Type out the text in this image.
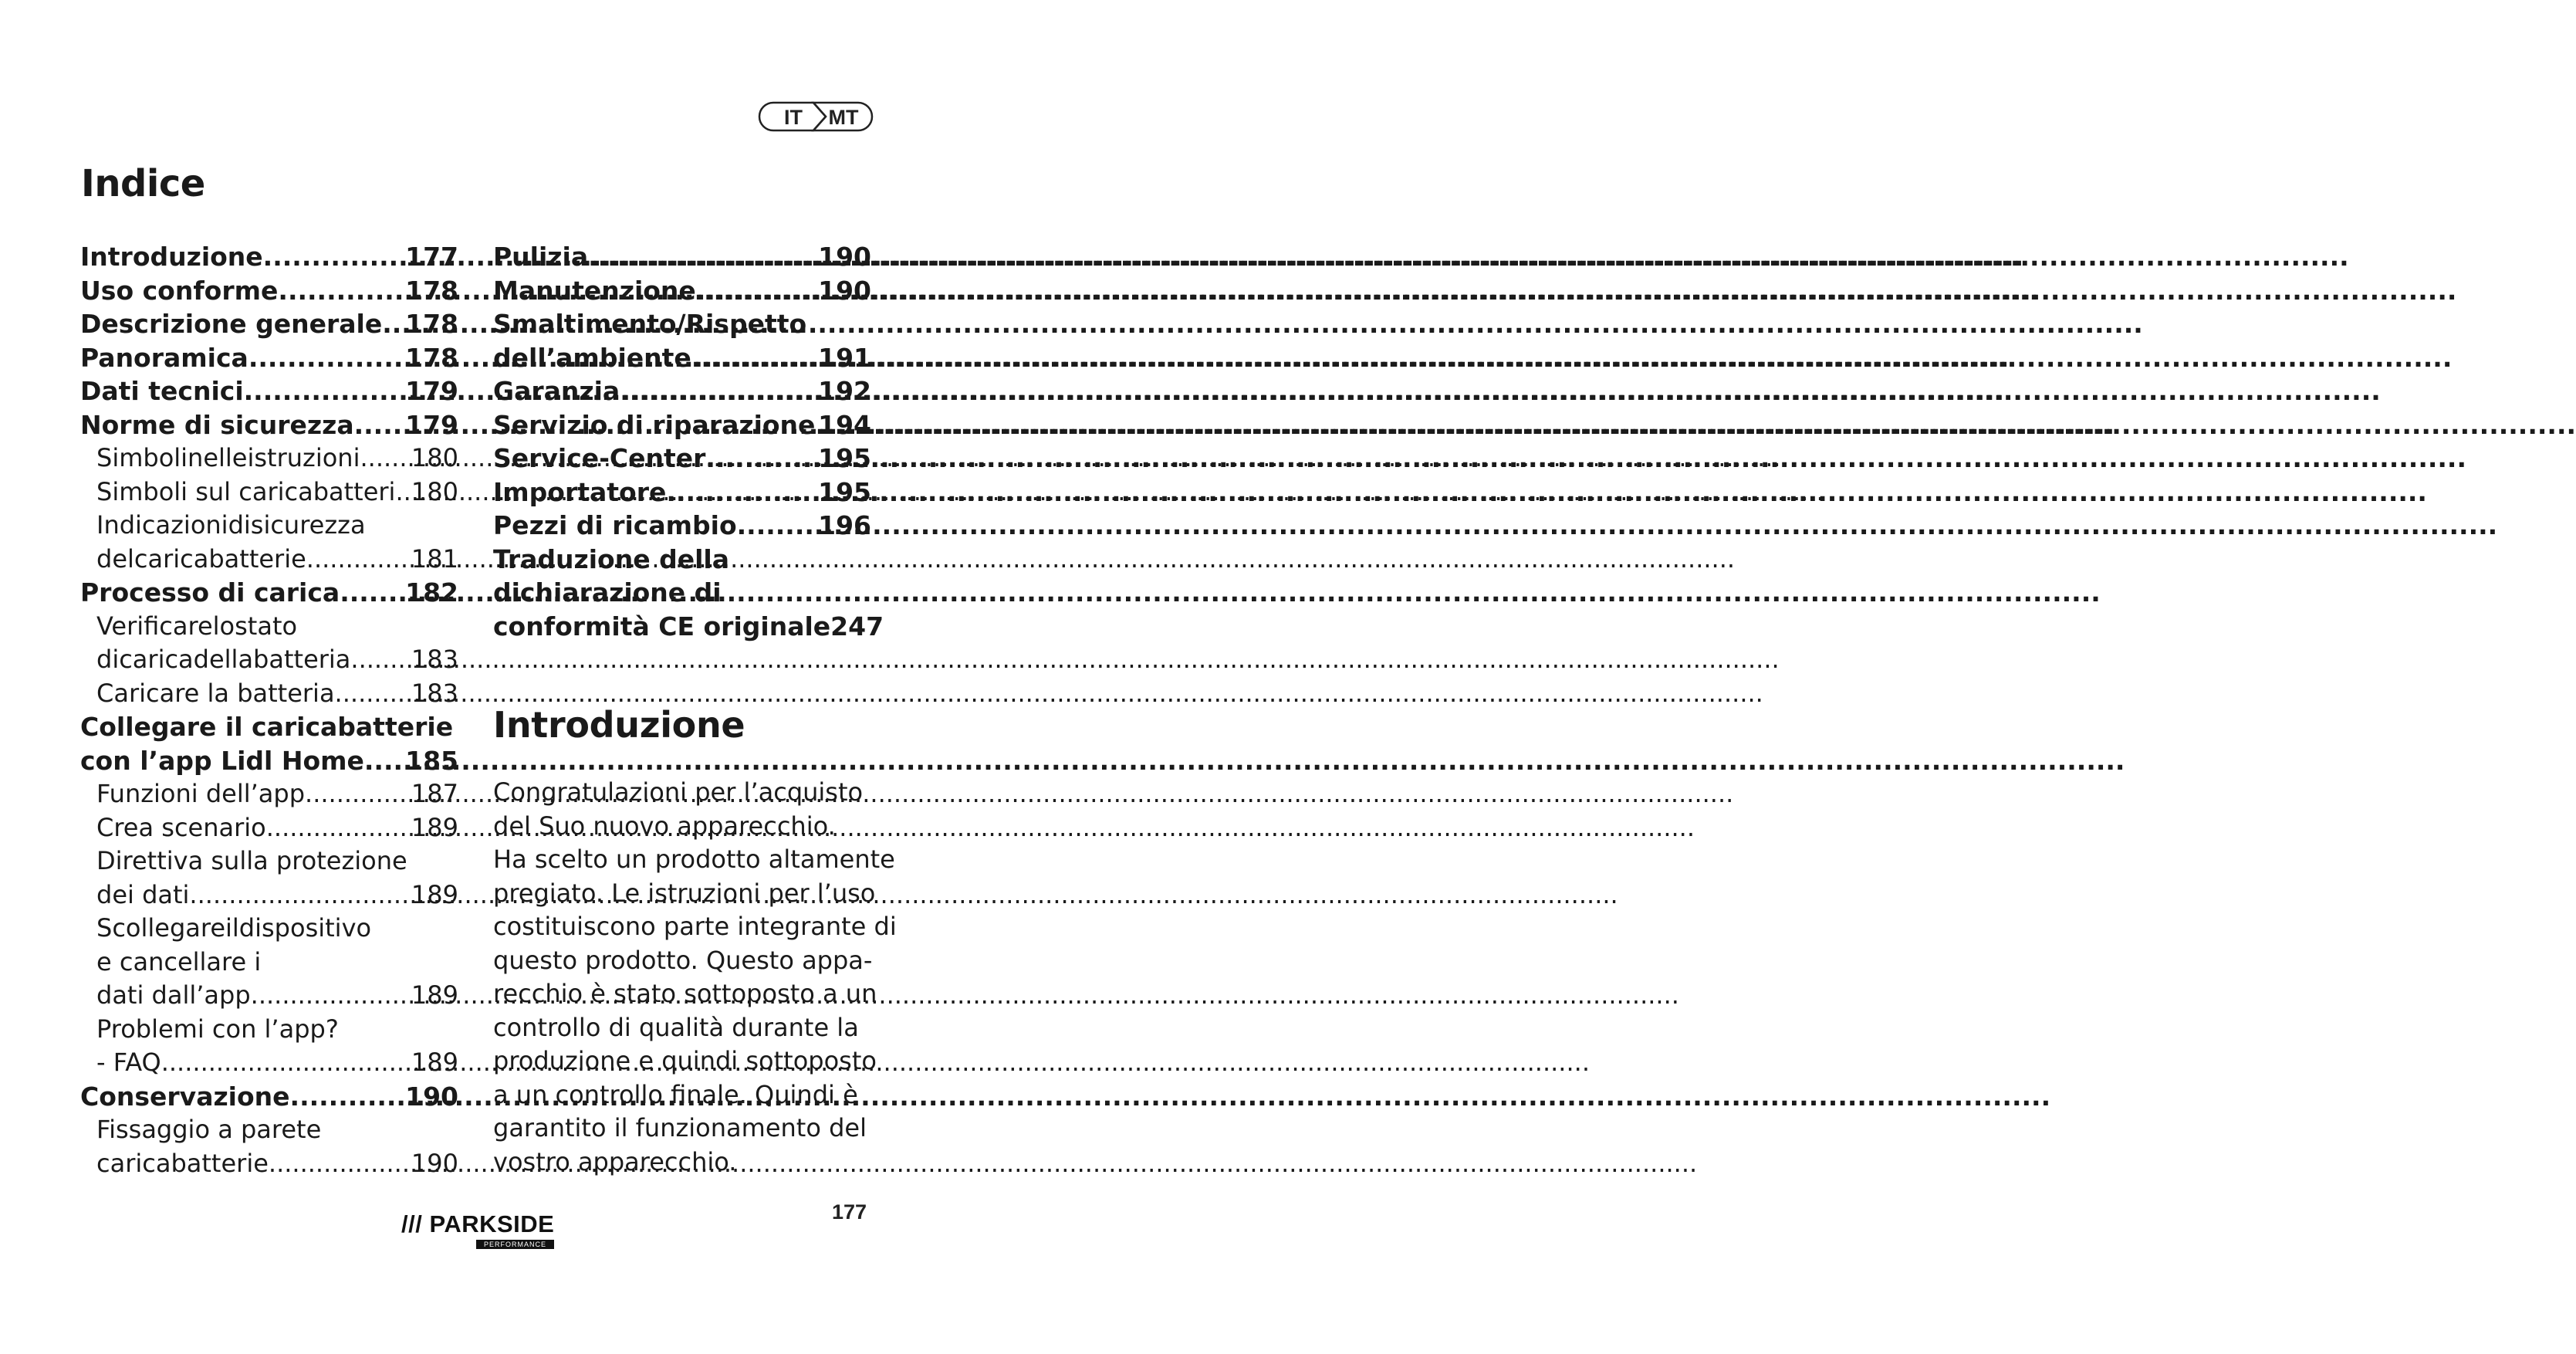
IT MT
Indice
Introduzione .....	177
Uso conforme .....	178
Descrizione generale ..... 178
Panoramica .....	178
Dati tecnici .....	179
Norme di sicurezza ..... 179
Simbolinelleistruzioni ..... 180
Simboli sul caricabatteri ..... 180
Indicazionidisicurezza
delcaricabatterie .....	181
Processo di carica .....	182
Verificarelostato
dicaricadellabatteria ..... 183
Caricare la batteria .....	183
Collegare il caricabatterie
con l’app Lidl Home ..... 185
Funzioni dell’app .....	187
Crea scenario .....	189
Direttiva sulla protezione
dei dati .....	189
Scollegareildispositivo
e cancellare i
dati dall’app .....	189
Problemi con l’app?
- FAQ .....	189
Conservazione .....	190
Fissaggio a parete
caricabatterie .....	190
Pulizia .....	190
Manutenzione .....	190
Smaltimento/Rispetto
dell’ambiente .....	191
Garanzia .....	192
Servizio di riparazione ..... 194
Service-Center .....	195
Importatore .....	195
Pezzi di ricambio .....	196
Traduzione della
dichiarazione di
conformità CE originale 247
Introduzione
Congratulazioni per l’acquisto
del Suo nuovo apparecchio.
Ha scelto un prodotto altamente
pregiato. Le istruzioni per l’uso
costituiscono parte integrante di
questo prodotto. Questo appa-
recchio è stato sottoposto a un
controllo di qualità durante la
produzione e quindi sottoposto
a un controllo finale. Quindi è
garantito il funzionamento del
vostro apparecchio.
/// PARKSIDE
PERFORMANCE
177
